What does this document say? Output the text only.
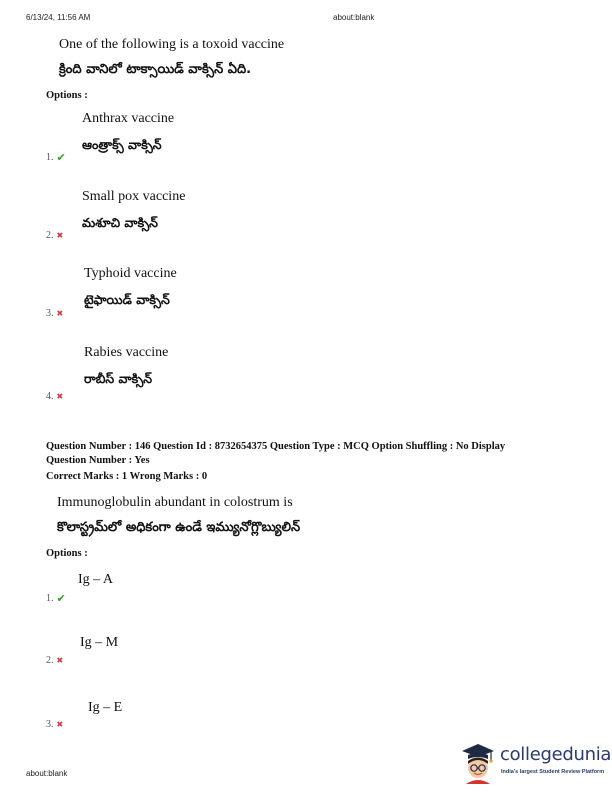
6/13/24, 11:56 AM	about:blank
One of the following is a toxoid vaccine
క్రింది వానిలో టాక్సాయిడ్ వాక్సిన్ ఏది.
Options :
Anthrax vaccine
ఆంత్రాక్స్ వాక్సిన్
1. ✔
Small pox vaccine
మశూచి వాక్సిన్
2. ✖
Typhoid vaccine
టైఫాయిడ్ వాక్సిన్
3. ✖
Rabies vaccine
రాబీస్ వాక్సిన్
4. ✖
Question Number : 146 Question Id : 8732654375 Question Type : MCQ Option Shuffling : No Display
Question Number : Yes
Correct Marks : 1 Wrong Marks : 0
Immunoglobulin abundant in colostrum is
కొలాస్ట్రమ్‌లో అధికంగా ఉండే ఇమ్యునోగ్లొబ్యులిన్
Options :
Ig – A
1. ✔
Ig – M
2. ✖
Ig – E
3. ✖
about:blank
collegedunia
India's largest Student Review Platform
